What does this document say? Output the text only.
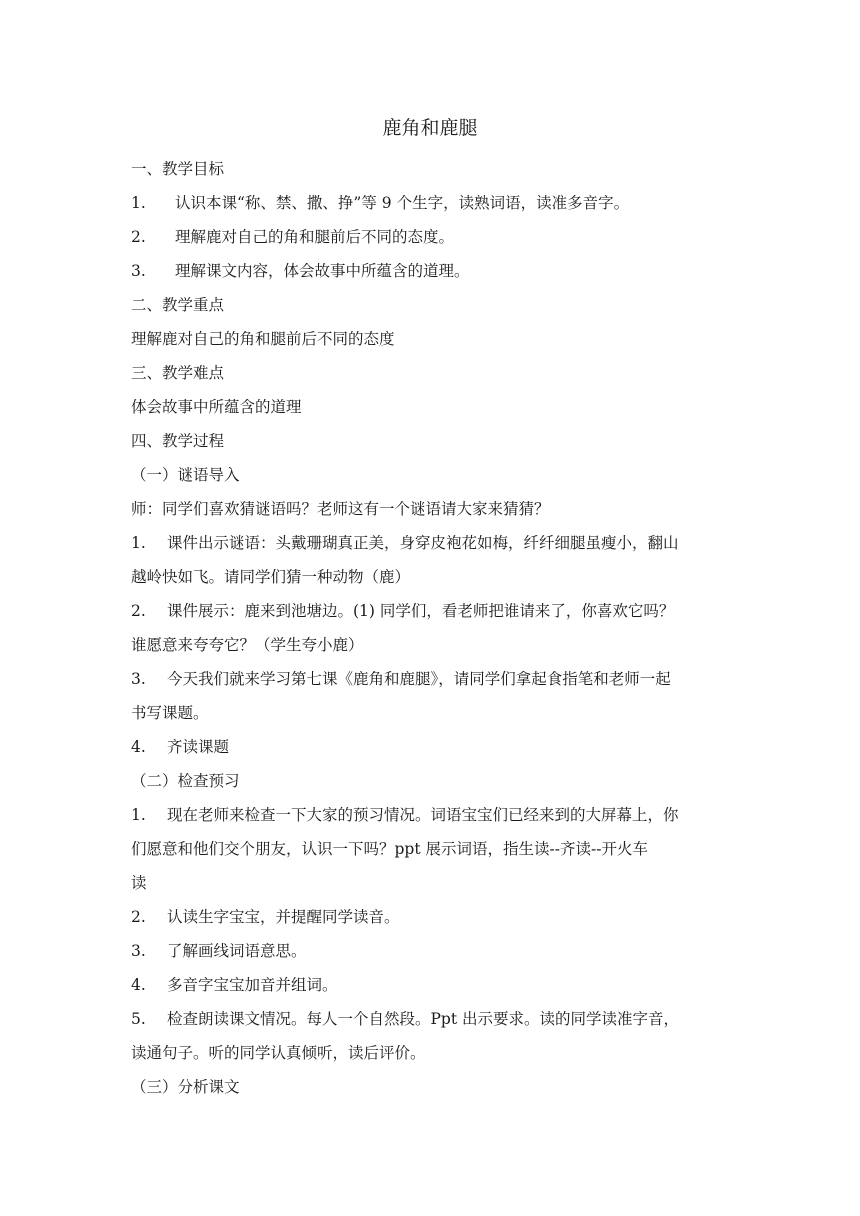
鹿角和鹿腿
一、教学目标
1. 认识本课“称、禁、撒、挣”等 9 个生字，读熟词语，读准多音字。
2. 理解鹿对自己的角和腿前后不同的态度。
3. 理解课文内容，体会故事中所蕴含的道理。
二、教学重点
理解鹿对自己的角和腿前后不同的态度
三、教学难点
体会故事中所蕴含的道理
四、教学过程
（一）谜语导入
师：同学们喜欢猜谜语吗？老师这有一个谜语请大家来猜猜？
1. 课件出示谜语：头戴珊瑚真正美，身穿皮袍花如梅，纤纤细腿虽瘦小，翻山
越岭快如飞。请同学们猜一种动物（鹿）
2. 课件展示：鹿来到池塘边。(1) 同学们，看老师把谁请来了，你喜欢它吗？
谁愿意来夸夸它？（学生夸小鹿）
3. 今天我们就来学习第七课《鹿角和鹿腿》，请同学们拿起食指笔和老师一起
书写课题。
4. 齐读课题
（二）检查预习
1. 现在老师来检查一下大家的预习情况。词语宝宝们已经来到的大屏幕上，你
们愿意和他们交个朋友，认识一下吗？ppt 展示词语，指生读--齐读--开火车
读
2. 认读生字宝宝，并提醒同学读音。
3. 了解画线词语意思。
4. 多音字宝宝加音并组词。
5. 检查朗读课文情况。每人一个自然段。Ppt 出示要求。读的同学读准字音，
读通句子。听的同学认真倾听，读后评价。
（三）分析课文
